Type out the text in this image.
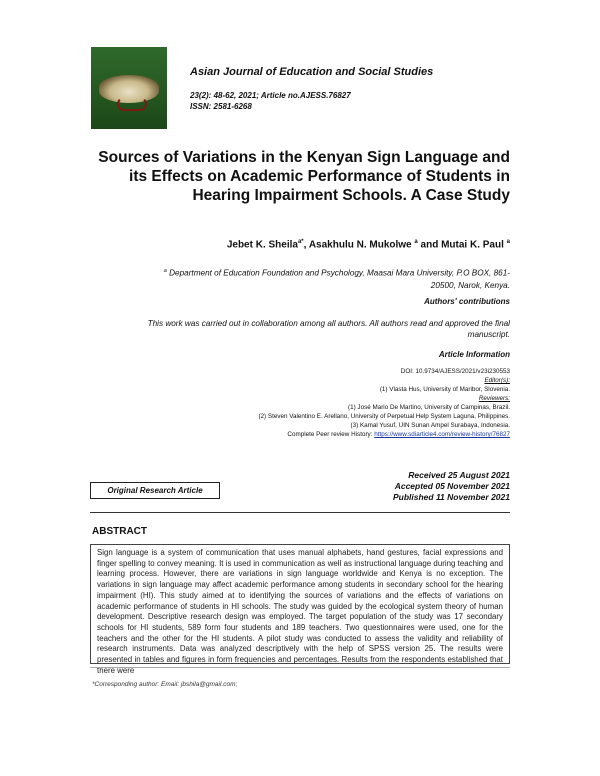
Asian Journal of Education and Social Studies
23(2): 48-62, 2021; Article no.AJESS.76827
ISSN: 2581-6268
Sources of Variations in the Kenyan Sign Language and its Effects on Academic Performance of Students in Hearing Impairment Schools. A Case Study
Jebet K. Sheila$^{a*}$, Asakhulu N. Mukolwe $^a$ and Mutai K. Paul $^a$
$^a$ Department of Education Foundation and Psychology, Maasai Mara University, P.O BOX, 861-
20500, Narok, Kenya.
Authors' contributions
This work was carried out in collaboration among all authors. All authors read and approved the final
manuscript.
Article Information
DOI: 10.9734/AJESS/2021/v23i230553
Editor(s):
(1) Vlasta Hus, University of Maribor, Slovenia.
Reviewers:
(1) José Mario De Martino, University of Campinas, Brazil.
(2) Steven Valentino E. Arellano, University of Perpetual Help System Laguna, Philippines.
(3) Kamal Yusuf, UIN Sunan Ampel Surabaya, Indonesia.
Complete Peer review History: https://www.sdiarticle4.com/review-history/76827
Received 25 August 2021
Accepted 05 November 2021
Published 11 November 2021
Original Research Article
ABSTRACT
Sign language is a system of communication that uses manual alphabets, hand gestures, facial expressions and finger spelling to convey meaning. It is used in communication as well as instructional language during teaching and learning process. However, there are variations in sign language worldwide and Kenya is no exception. The variations in sign language may affect academic performance among students in secondary school for the hearing impairment (HI). This study aimed at to identifying the sources of variations and the effects of variations on academic performance of students in HI schools. The study was guided by the ecological system theory of human development. Descriptive research design was employed. The target population of the study was 17 secondary schools for HI students, 589 form four students and 189 teachers. Two questionnaires were used, one for the teachers and the other for the HI students. A pilot study was conducted to assess the validity and reliability of research instruments. Data was analyzed descriptively with the help of SPSS version 25. The results were presented in tables and figures in form frequencies and percentages. Results from the respondents established that there were
*Corresponding author: Email: jbshila@gmail.com;
